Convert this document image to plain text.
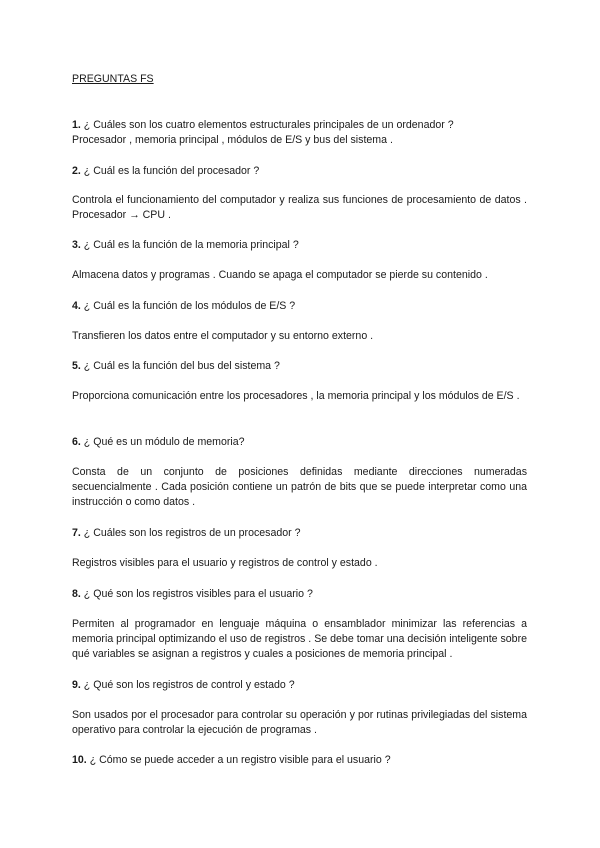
PREGUNTAS FS
1. ¿ Cuáles son los cuatro elementos estructurales principales de un ordenador ?
Procesador , memoria principal , módulos de E/S y bus del sistema .
2. ¿ Cuál es la función del procesador ?
Controla el funcionamiento del computador y realiza sus funciones de procesamiento de datos . Procesador → CPU .
3. ¿ Cuál es la función de la memoria principal ?
Almacena datos y programas . Cuando se apaga el computador se pierde su contenido .
4. ¿ Cuál es la función de los módulos de E/S ?
Transfieren los datos entre el computador y su entorno externo .
5. ¿ Cuál es la función del bus del sistema ?
Proporciona comunicación entre los procesadores , la memoria principal y los módulos de E/S .
6. ¿ Qué es un módulo de memoria?
Consta de un conjunto de posiciones definidas mediante direcciones numeradas secuencialmente . Cada posición contiene un patrón de bits que se puede interpretar como una instrucción o como datos .
7. ¿ Cuáles son los registros de un procesador ?
Registros visibles para el usuario y registros de control y estado .
8. ¿ Qué son los registros visibles para el usuario ?
Permiten al programador en lenguaje máquina o ensamblador minimizar las referencias a memoria principal optimizando el uso de registros . Se debe tomar una decisión inteligente sobre qué variables se asignan a registros y cuales a posiciones de memoria principal .
9. ¿ Qué son los registros de control y estado ?
Son usados por el procesador para controlar su operación y por rutinas privilegiadas del sistema operativo para controlar la ejecución de programas .
10. ¿ Cómo se puede acceder a un registro visible para el usuario ?
